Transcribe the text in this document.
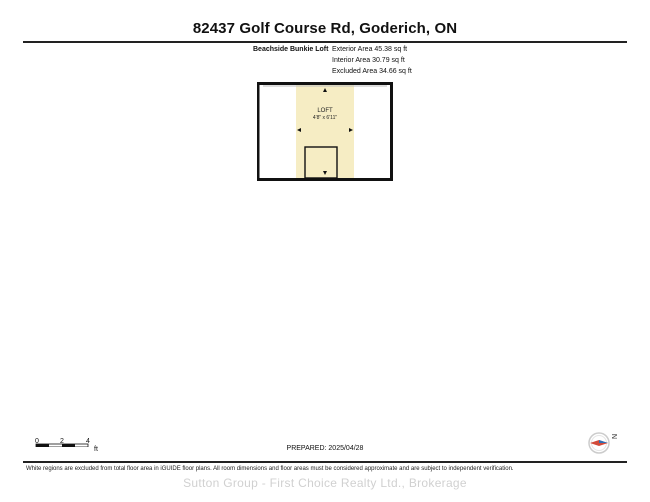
82437 Golf Course Rd, Goderich, ON
Beachside Bunkie Loft Exterior Area 45.38 sq ft
Interior Area 30.79 sq ft
Excluded Area 34.66 sq ft
LOFT
4'8" x 6'11"
0	2	4
ft	PREPARED: 2025/04/28
N
White regions are excluded from total floor area in iGUIDE floor plans. All room dimensions and floor areas must be considered approximate and are subject to independent verification.
Sutton Group - First Choice Realty Ltd., Brokerage
